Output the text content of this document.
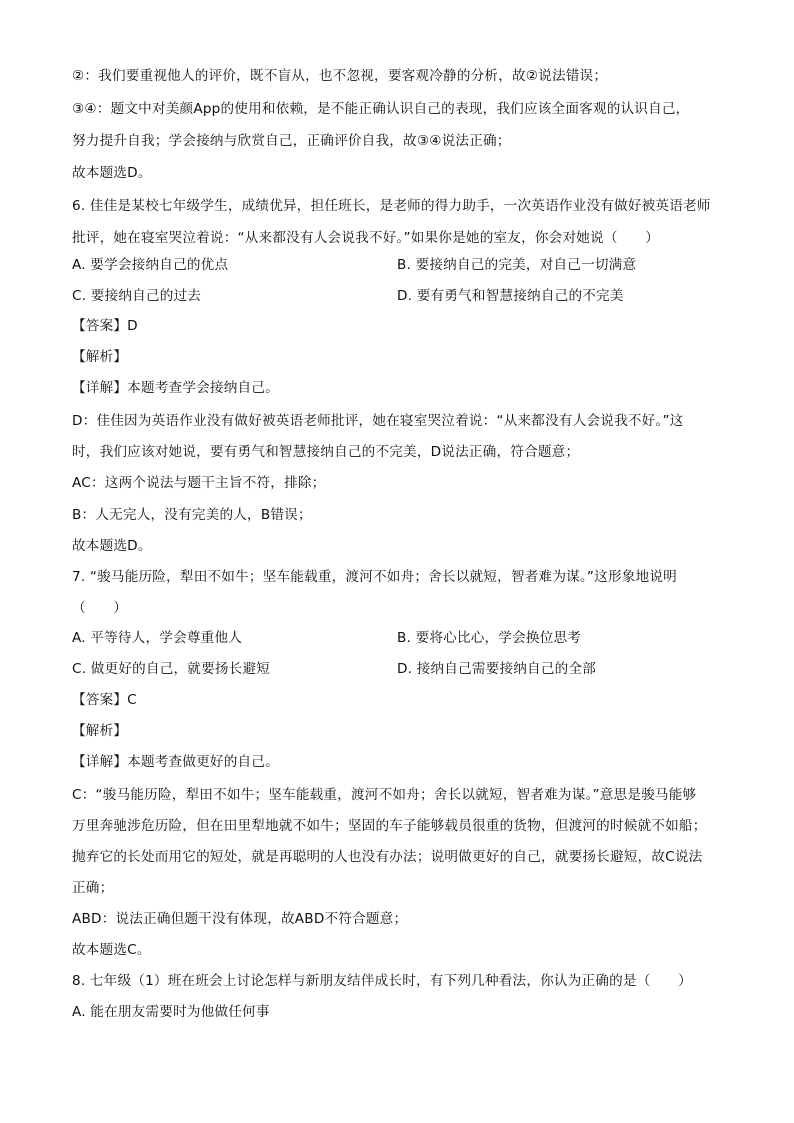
②：我们要重视他人的评价，既不盲从，也不忽视，要客观冷静的分析，故②说法错误；
③④：题文中对美颜App的使用和依赖，是不能正确认识自己的表现，我们应该全面客观的认识自己，
努力提升自我；学会接纳与欣赏自己，正确评价自我，故③④说法正确；
故本题选D。
6. 佳佳是某校七年级学生，成绩优异，担任班长，是老师的得力助手，一次英语作业没有做好被英语老师
批评，她在寝室哭泣着说：“从来都没有人会说我不好。”如果你是她的室友，你会对她说（　　）
A. 要学会接纳自己的优点	B. 要接纳自己的完美，对自己一切满意
C. 要接纳自己的过去	D. 要有勇气和智慧接纳自己的不完美
【答案】D
【解析】
【详解】本题考查学会接纳自己。
D：佳佳因为英语作业没有做好被英语老师批评，她在寝室哭泣着说：“从来都没有人会说我不好。”这
时，我们应该对她说，要有勇气和智慧接纳自己的不完美，D说法正确，符合题意；
AC：这两个说法与题干主旨不符，排除；
B：人无完人，没有完美的人，B错误；
故本题选D。
7. “骏马能历险，犁田不如牛；坚车能载重，渡河不如舟；舍长以就短，智者难为谋。”这形象地说明
（　　）
A. 平等待人，学会尊重他人	B. 要将心比心，学会换位思考
C. 做更好的自己，就要扬长避短	D. 接纳自己需要接纳自己的全部
【答案】C
【解析】
【详解】本题考查做更好的自己。
C：“骏马能历险，犁田不如牛；坚车能载重，渡河不如舟；舍长以就短，智者难为谋。”意思是骏马能够
万里奔驰涉危历险，但在田里犁地就不如牛；坚固的车子能够载员很重的货物，但渡河的时候就不如船；
抛弃它的长处而用它的短处，就是再聪明的人也没有办法；说明做更好的自己，就要扬长避短，故C说法
正确；
ABD：说法正确但题干没有体现，故ABD不符合题意；
故本题选C。
8. 七年级（1）班在班会上讨论怎样与新朋友结伴成长时，有下列几种看法，你认为正确的是（　　）
A. 能在朋友需要时为他做任何事
